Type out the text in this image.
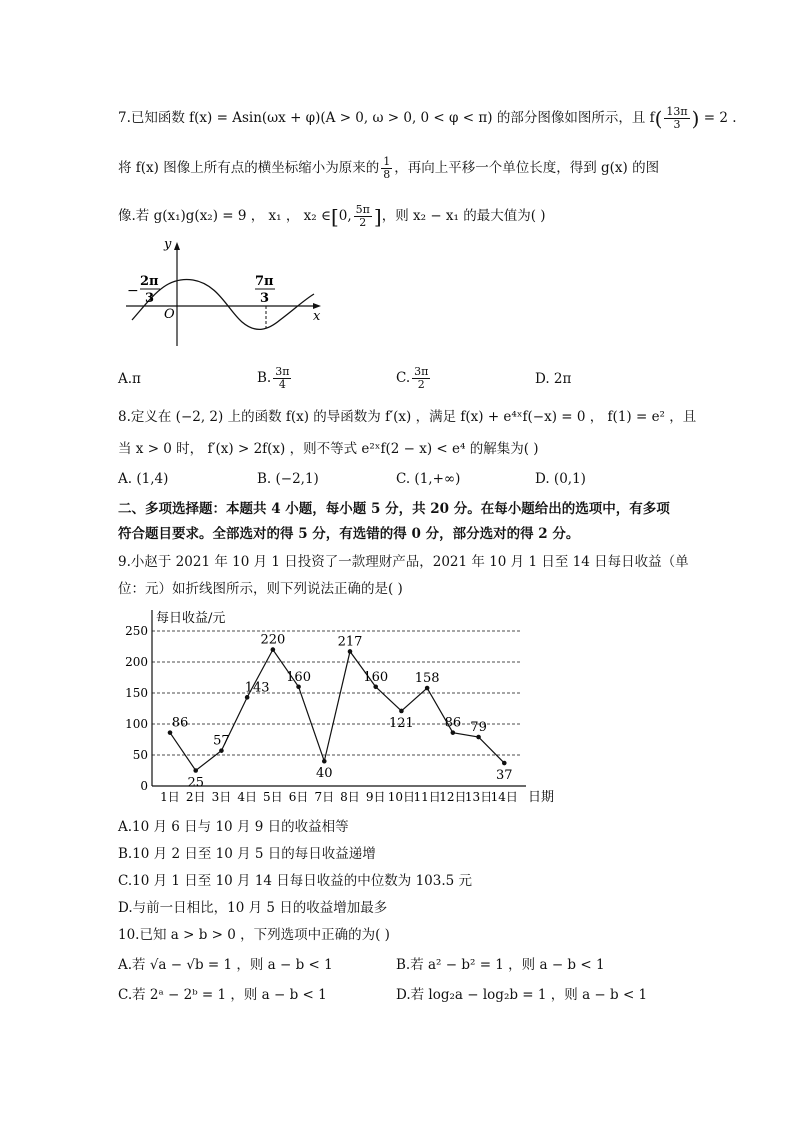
7.已知函数 f(x) = Asin(ωx + φ)(A > 0, ω > 0, 0 < φ < π) 的部分图像如图所示，且 $f( \frac{13\pi}{3}$ ) = 2 .
将 f(x) 图像上所有点的横坐标缩小为原来的 $\frac{1}{8}$ ，再向上平移一个单位长度，得到 g(x) 的图
像.若 g(x₁)g(x₂) = 9 ， x₁ ， x₂ ∈[0, $\frac{5\pi}{2}$ ]，则 x₂ − x₁ 的最大值为( )
y
x
O
−
2π
3
7π
3
A.π	B. $\frac{3\pi}{4}$	C. $\frac{3\pi}{2}$	D. 2π
8.定义在 (−2, 2) 上的函数 f(x) 的导函数为 f′(x) ，满足 f(x) + e⁴ˣf(−x) = 0 ， f(1) = e² ，且
当 x > 0 时， f′(x) > 2f(x) ，则不等式 e²ˣf(2 − x) < e⁴ 的解集为( )
A. (1,4)	B. (−2,1)	C. (1,+∞)	D. (0,1)
二、多项选择题：本题共 4 小题，每小题 5 分，共 20 分。在每小题给出的选项中，有多项
符合题目要求。全部选对的得 5 分，有选错的得 0 分，部分选对的得 2 分。
9.小赵于 2021 年 10 月 1 日投资了一款理财产品，2021 年 10 月 1 日至 14 日每日收益（单
位：元）如折线图所示，则下列说法正确的是( )
每日收益/元
日期
0
50
100
150
200
250
1日 2日 3日 4日 5日 6日 7日 8日 9日 10日
11日
12日
13日
14日
86
25
57
143
220
160
40
217
160
121
158
86 79
37
A.10 月 6 日与 10 月 9 日的收益相等
B.10 月 2 日至 10 月 5 日的每日收益递增
C.10 月 1 日至 10 月 14 日每日收益的中位数为 103.5 元
D.与前一日相比，10 月 5 日的收益增加最多
10.已知 a > b > 0 ，下列选项中正确的为( )
A.若 √a − √b = 1 ，则 a − b < 1	B.若 a² − b² = 1 ，则 a − b < 1
C.若 2ᵃ − 2ᵇ = 1 ，则 a − b < 1	D.若 log₂a − log₂b = 1 ，则 a − b < 1
